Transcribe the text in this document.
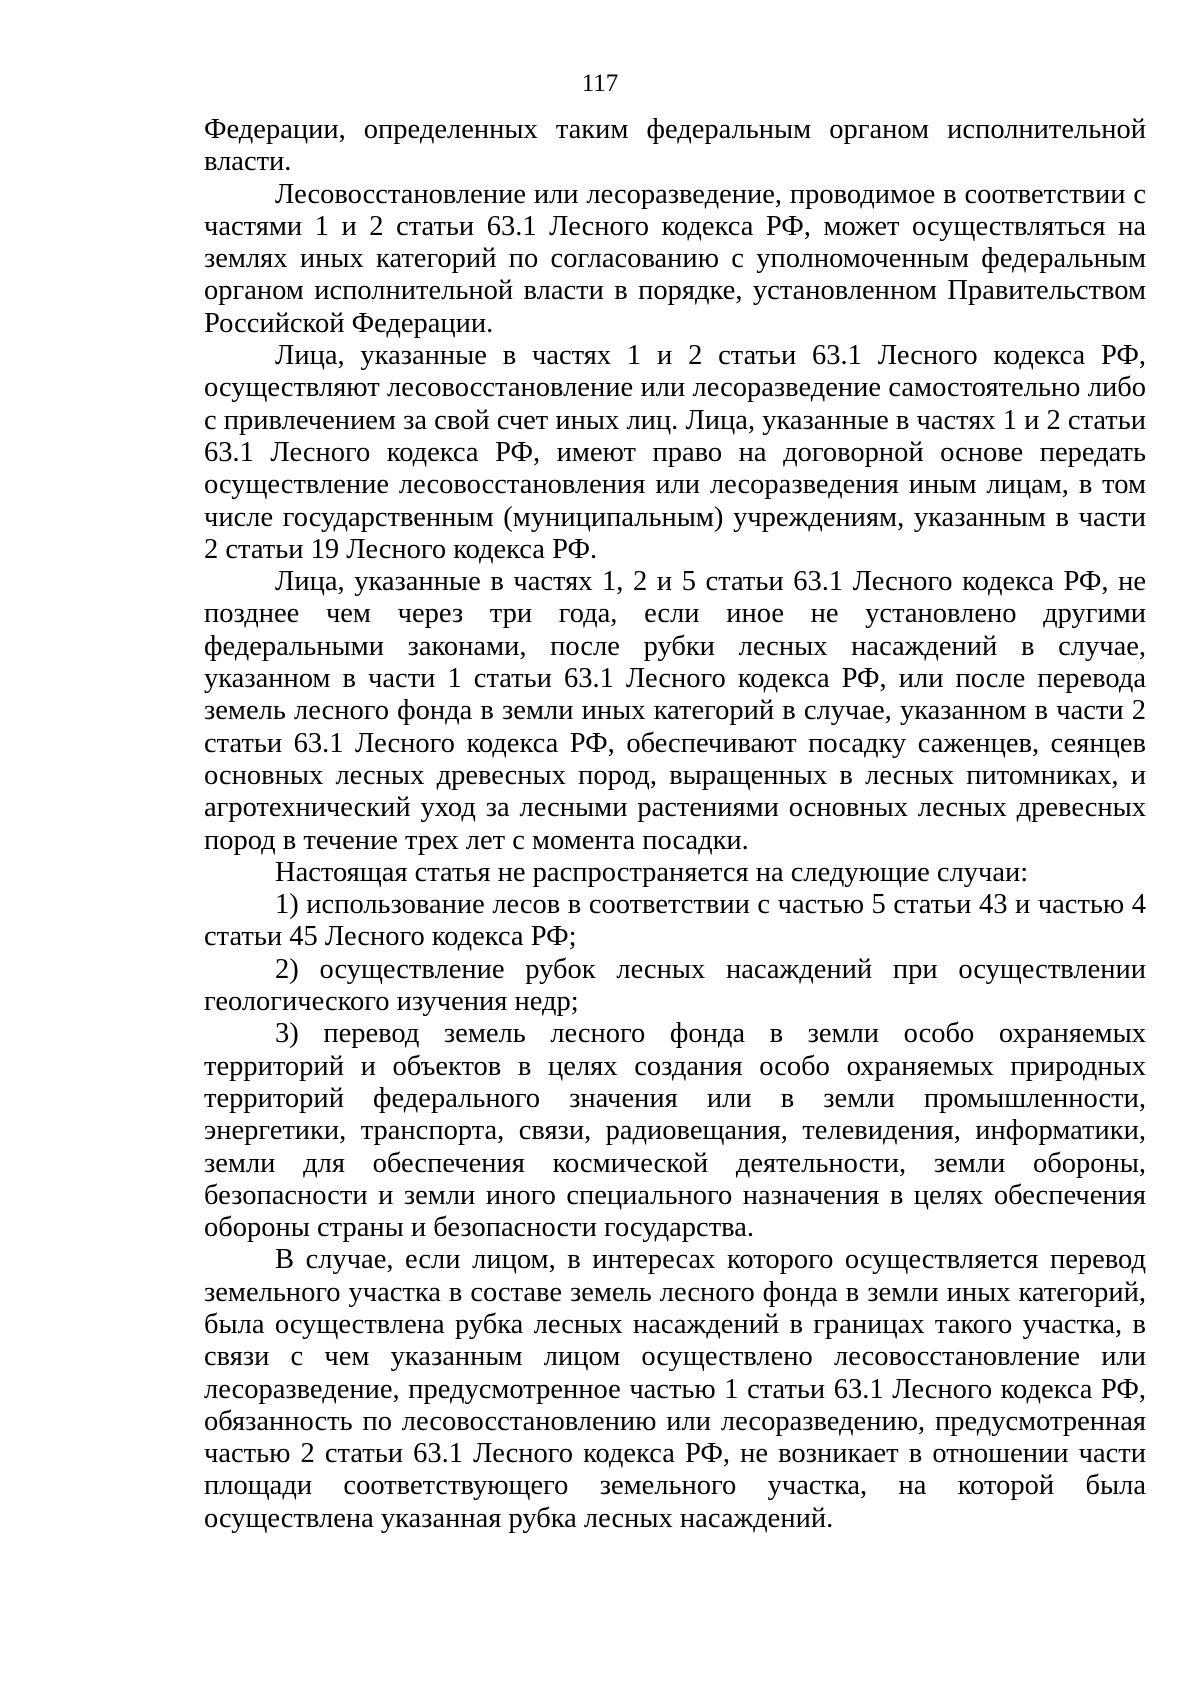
117

Федерации, определенных таким федеральным органом исполнительной власти.

Лесовосстановление или лесоразведение, проводимое в соответствии с частями 1 и 2 статьи 63.1 Лесного кодекса РФ, может осуществляться на землях иных категорий по согласованию с уполномоченным федеральным органом исполнительной власти в порядке, установленном Правительством Российской Федерации.

Лица, указанные в частях 1 и 2 статьи 63.1 Лесного кодекса РФ, осуществляют лесовосстановление или лесоразведение самостоятельно либо с привлечением за свой счет иных лиц. Лица, указанные в частях 1 и 2 статьи 63.1 Лесного кодекса РФ, имеют право на договорной основе передать осуществление лесовосстановления или лесоразведения иным лицам, в том числе государственным (муниципальным) учреждениям, указанным в части 2 статьи 19 Лесного кодекса РФ.

Лица, указанные в частях 1, 2 и 5 статьи 63.1 Лесного кодекса РФ, не позднее чем через три года, если иное не установлено другими федеральными законами, после рубки лесных насаждений в случае, указанном в части 1 статьи 63.1 Лесного кодекса РФ, или после перевода земель лесного фонда в земли иных категорий в случае, указанном в части 2 статьи 63.1 Лесного кодекса РФ, обеспечивают посадку саженцев, сеянцев основных лесных древесных пород, выращенных в лесных питомниках, и агротехнический уход за лесными растениями основных лесных древесных пород в течение трех лет с момента посадки.

Настоящая статья не распространяется на следующие случаи:

1) использование лесов в соответствии с частью 5 статьи 43 и частью 4 статьи 45 Лесного кодекса РФ;

2) осуществление рубок лесных насаждений при осуществлении геологического изучения недр;

3) перевод земель лесного фонда в земли особо охраняемых территорий и объектов в целях создания особо охраняемых природных территорий федерального значения или в земли промышленности, энергетики, транспорта, связи, радиовещания, телевидения, информатики, земли для обеспечения космической деятельности, земли обороны, безопасности и земли иного специального назначения в целях обеспечения обороны страны и безопасности государства.

В случае, если лицом, в интересах которого осуществляется перевод земельного участка в составе земель лесного фонда в земли иных категорий, была осуществлена рубка лесных насаждений в границах такого участка, в связи с чем указанным лицом осуществлено лесовосстановление или лесоразведение, предусмотренное частью 1 статьи 63.1 Лесного кодекса РФ, обязанность по лесовосстановлению или лесоразведению, предусмотренная частью 2 статьи 63.1 Лесного кодекса РФ, не возникает в отношении части площади соответствующего земельного участка, на которой была осуществлена указанная рубка лесных насаждений.
